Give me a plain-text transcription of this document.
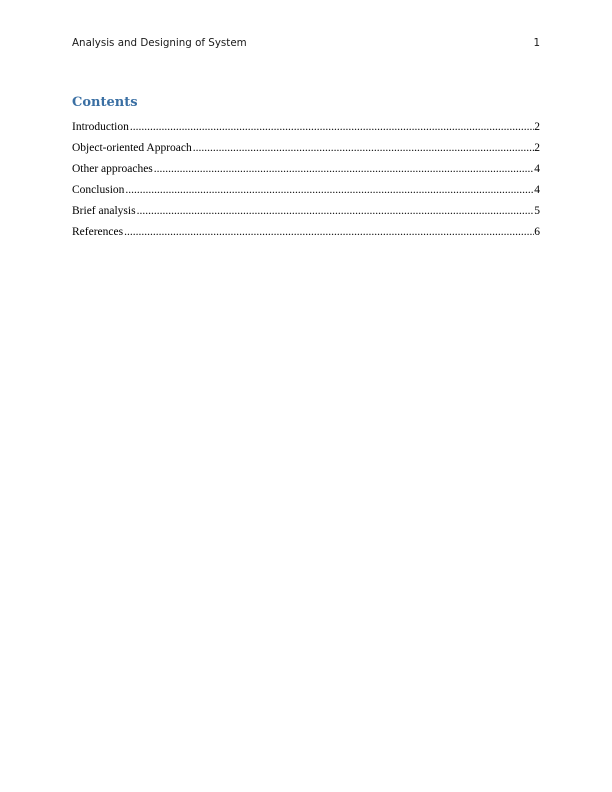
Analysis and Designing of System	1
Contents
Introduction .....	2
Object-oriented Approach .....	2
Other approaches .....	4
Conclusion .....	4
Brief analysis .....	5
References .....	6
